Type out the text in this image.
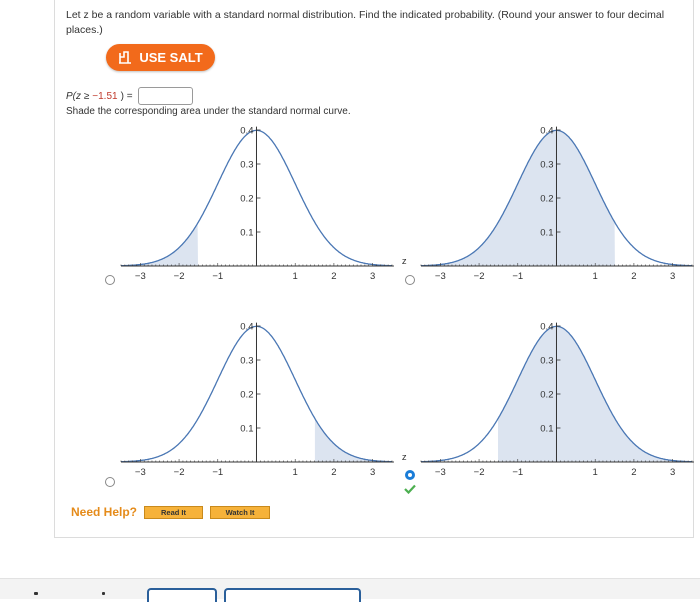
Let z be a random variable with a standard normal distribution. Find the indicated probability. (Round your answer to four decimal places.)
USE SALT
P(z ≥ −1.51 ) =
Shade the corresponding area under the standard normal curve.
−3	−2	−1	1	2	3
0.1
0.2
0.3
0.4
z
−3	−2	−1	1	2	3
0.1
0.2
0.3
0.4
−3	−2	−1	1	2	3
0.1
0.2
0.3
0.4
z
−3	−2	−1	1	2	3
0.1
0.2
0.3
0.4
Need Help?	Read It	Watch It
